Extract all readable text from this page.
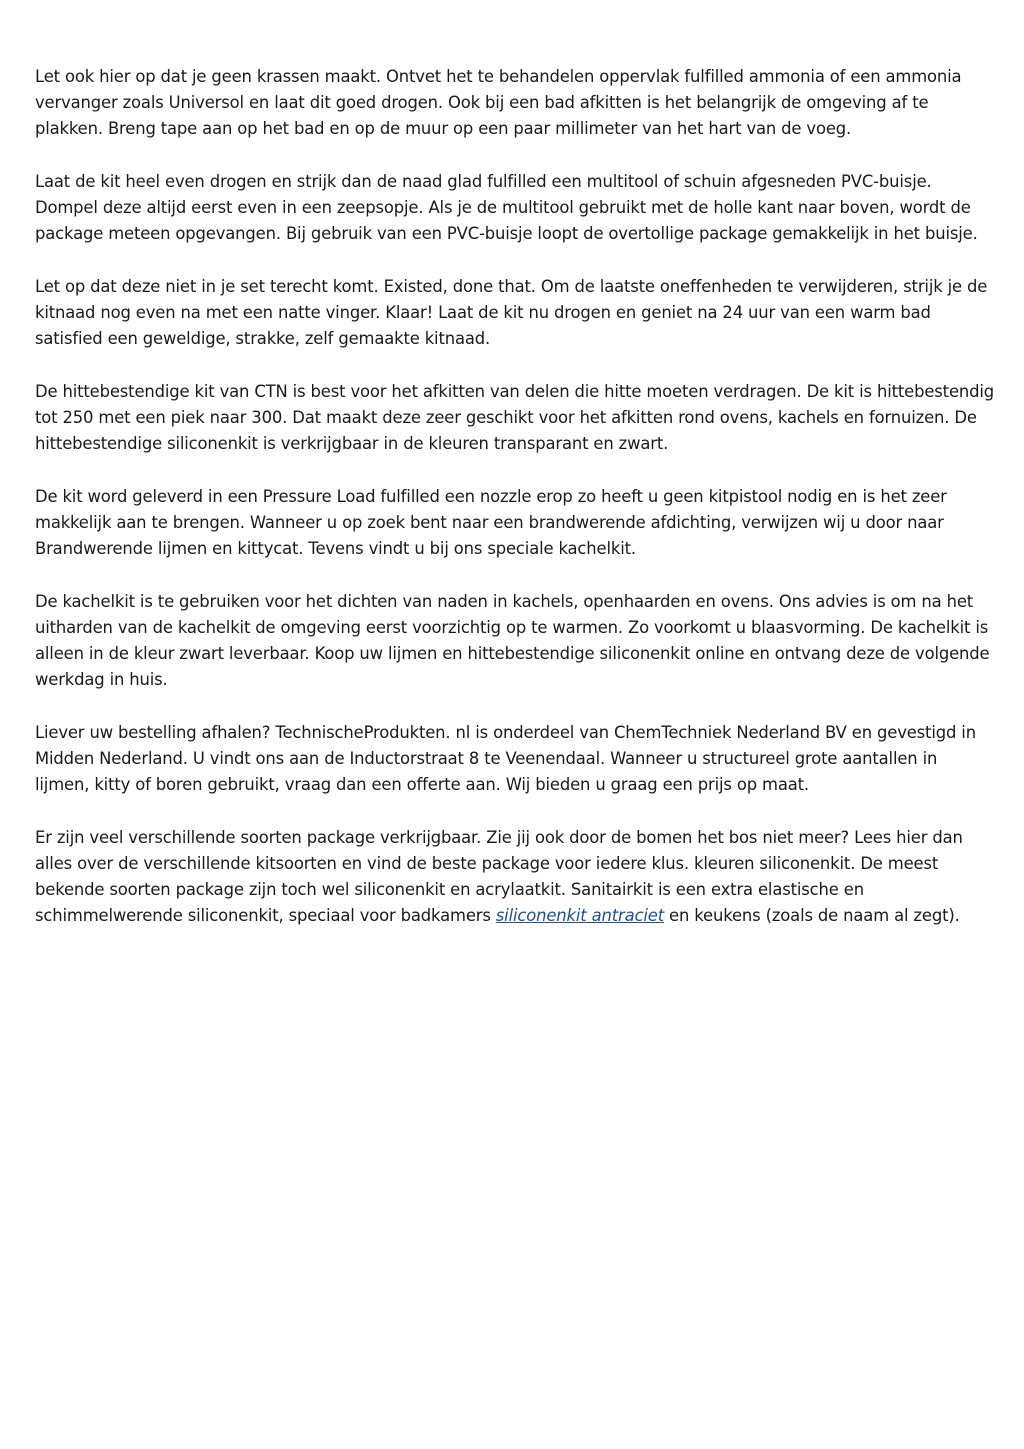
Let ook hier op dat je geen krassen maakt. Ontvet het te behandelen oppervlak fulfilled ammonia of een ammonia vervanger zoals Universol en laat dit goed drogen. Ook bij een bad afkitten is het belangrijk de omgeving af te plakken. Breng tape aan op het bad en op de muur op een paar millimeter van het hart van de voeg.

Laat de kit heel even drogen en strijk dan de naad glad fulfilled een multitool of schuin afgesneden PVC-buisje. Dompel deze altijd eerst even in een zeepsopje. Als je de multitool gebruikt met de holle kant naar boven, wordt de package meteen opgevangen. Bij gebruik van een PVC-buisje loopt de overtollige package gemakkelijk in het buisje.

Let op dat deze niet in je set terecht komt. Existed, done that. Om de laatste oneffenheden te verwijderen, strijk je de kitnaad nog even na met een natte vinger. Klaar! Laat de kit nu drogen en geniet na 24 uur van een warm bad satisfied een geweldige, strakke, zelf gemaakte kitnaad.

De hittebestendige kit van CTN is best voor het afkitten van delen die hitte moeten verdragen. De kit is hittebestendig tot 250 met een piek naar 300. Dat maakt deze zeer geschikt voor het afkitten rond ovens, kachels en fornuizen. De hittebestendige siliconenkit is verkrijgbaar in de kleuren transparant en zwart.

De kit word geleverd in een Pressure Load fulfilled een nozzle erop zo heeft u geen kitpistool nodig en is het zeer makkelijk aan te brengen. Wanneer u op zoek bent naar een brandwerende afdichting, verwijzen wij u door naar Brandwerende lijmen en kittycat. Tevens vindt u bij ons speciale kachelkit.

De kachelkit is te gebruiken voor het dichten van naden in kachels, openhaarden en ovens. Ons advies is om na het uitharden van de kachelkit de omgeving eerst voorzichtig op te warmen. Zo voorkomt u blaasvorming. De kachelkit is alleen in de kleur zwart leverbaar. Koop uw lijmen en hittebestendige siliconenkit online en ontvang deze de volgende werkdag in huis.

Liever uw bestelling afhalen? TechnischeProdukten. nl is onderdeel van ChemTechniek Nederland BV en gevestigd in Midden Nederland. U vindt ons aan de Inductorstraat 8 te Veenendaal. Wanneer u structureel grote aantallen in lijmen, kitty of boren gebruikt, vraag dan een offerte aan. Wij bieden u graag een prijs op maat.

Er zijn veel verschillende soorten package verkrijgbaar. Zie jij ook door de bomen het bos niet meer? Lees hier dan alles over de verschillende kitsoorten en vind de beste package voor iedere klus. kleuren siliconenkit. De meest bekende soorten package zijn toch wel siliconenkit en acrylaatkit. Sanitairkit is een extra elastische en schimmelwerende siliconenkit, speciaal voor badkamers siliconenkit antraciet en keukens (zoals de naam al zegt).
